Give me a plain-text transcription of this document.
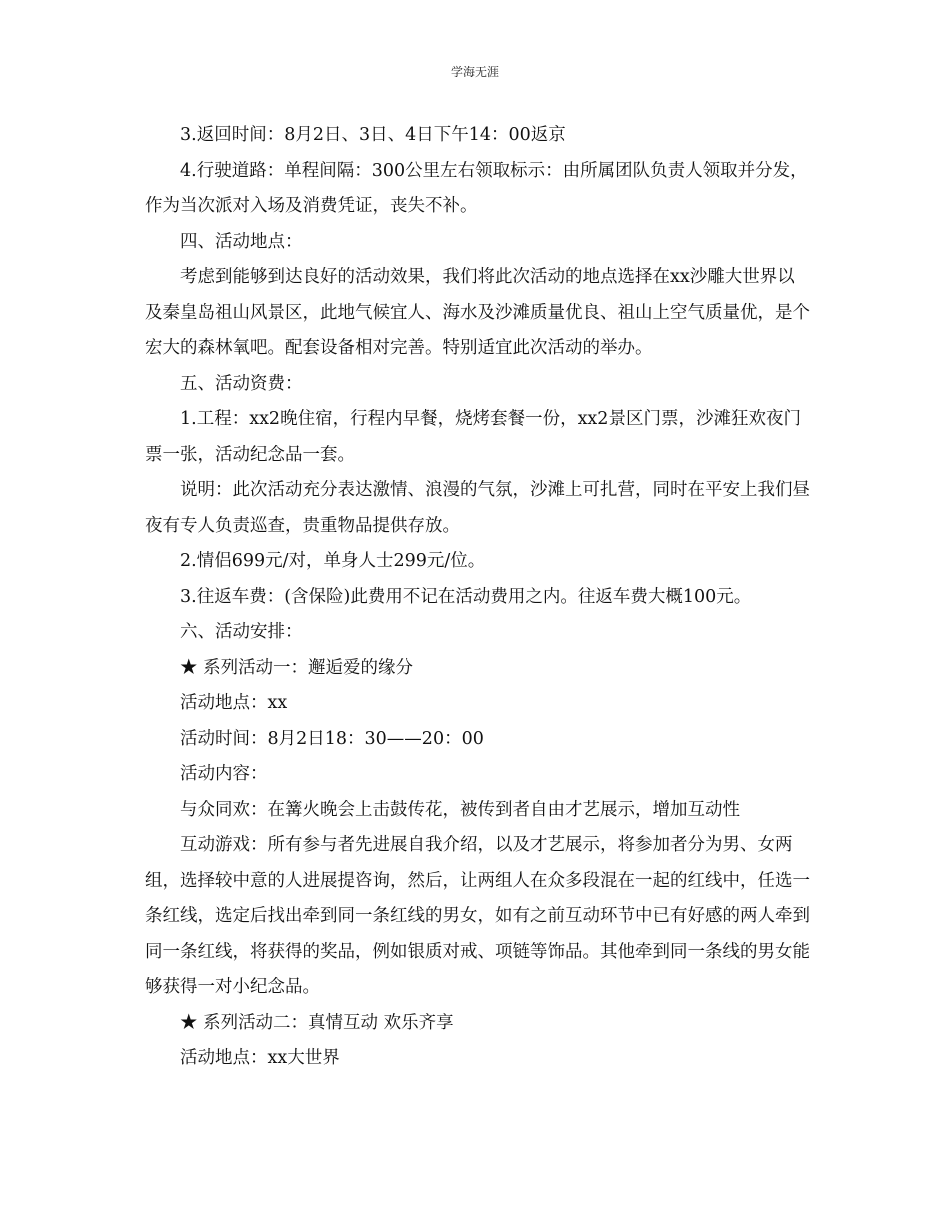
学海无涯

3.返回时间：8月2日、3日、4日下午14：00返京

4.行驶道路：单程间隔：300公里左右领取标示：由所属团队负责人领取并分发，作为当次派对入场及消费凭证，丧失不补。

四、活动地点：

考虑到能够到达良好的活动效果，我们将此次活动的地点选择在xx沙雕大世界以及秦皇岛祖山风景区，此地气候宜人、海水及沙滩质量优良、祖山上空气质量优，是个宏大的森林氧吧。配套设备相对完善。特别适宜此次活动的举办。

五、活动资费：

1.工程：xx2晚住宿，行程内早餐，烧烤套餐一份，xx2景区门票，沙滩狂欢夜门票一张，活动纪念品一套。

说明：此次活动充分表达激情、浪漫的气氛，沙滩上可扎营，同时在平安上我们昼夜有专人负责巡查，贵重物品提供存放。

2.情侣699元/对，单身人士299元/位。

3.往返车费：(含保险)此费用不记在活动费用之内。往返车费大概100元。

六、活动安排：

★ 系列活动一：邂逅爱的缘分

活动地点：xx

活动时间：8月2日18：30——20：00

活动内容：

与众同欢：在篝火晚会上击鼓传花，被传到者自由才艺展示，增加互动性

互动游戏：所有参与者先进展自我介绍，以及才艺展示，将参加者分为男、女两组，选择较中意的人进展提咨询，然后，让两组人在众多段混在一起的红线中，任选一条红线，选定后找出牵到同一条红线的男女，如有之前互动环节中已有好感的两人牵到同一条红线，将获得的奖品，例如银质对戒、项链等饰品。其他牵到同一条线的男女能够获得一对小纪念品。

★ 系列活动二：真情互动 欢乐齐享

活动地点：xx大世界
